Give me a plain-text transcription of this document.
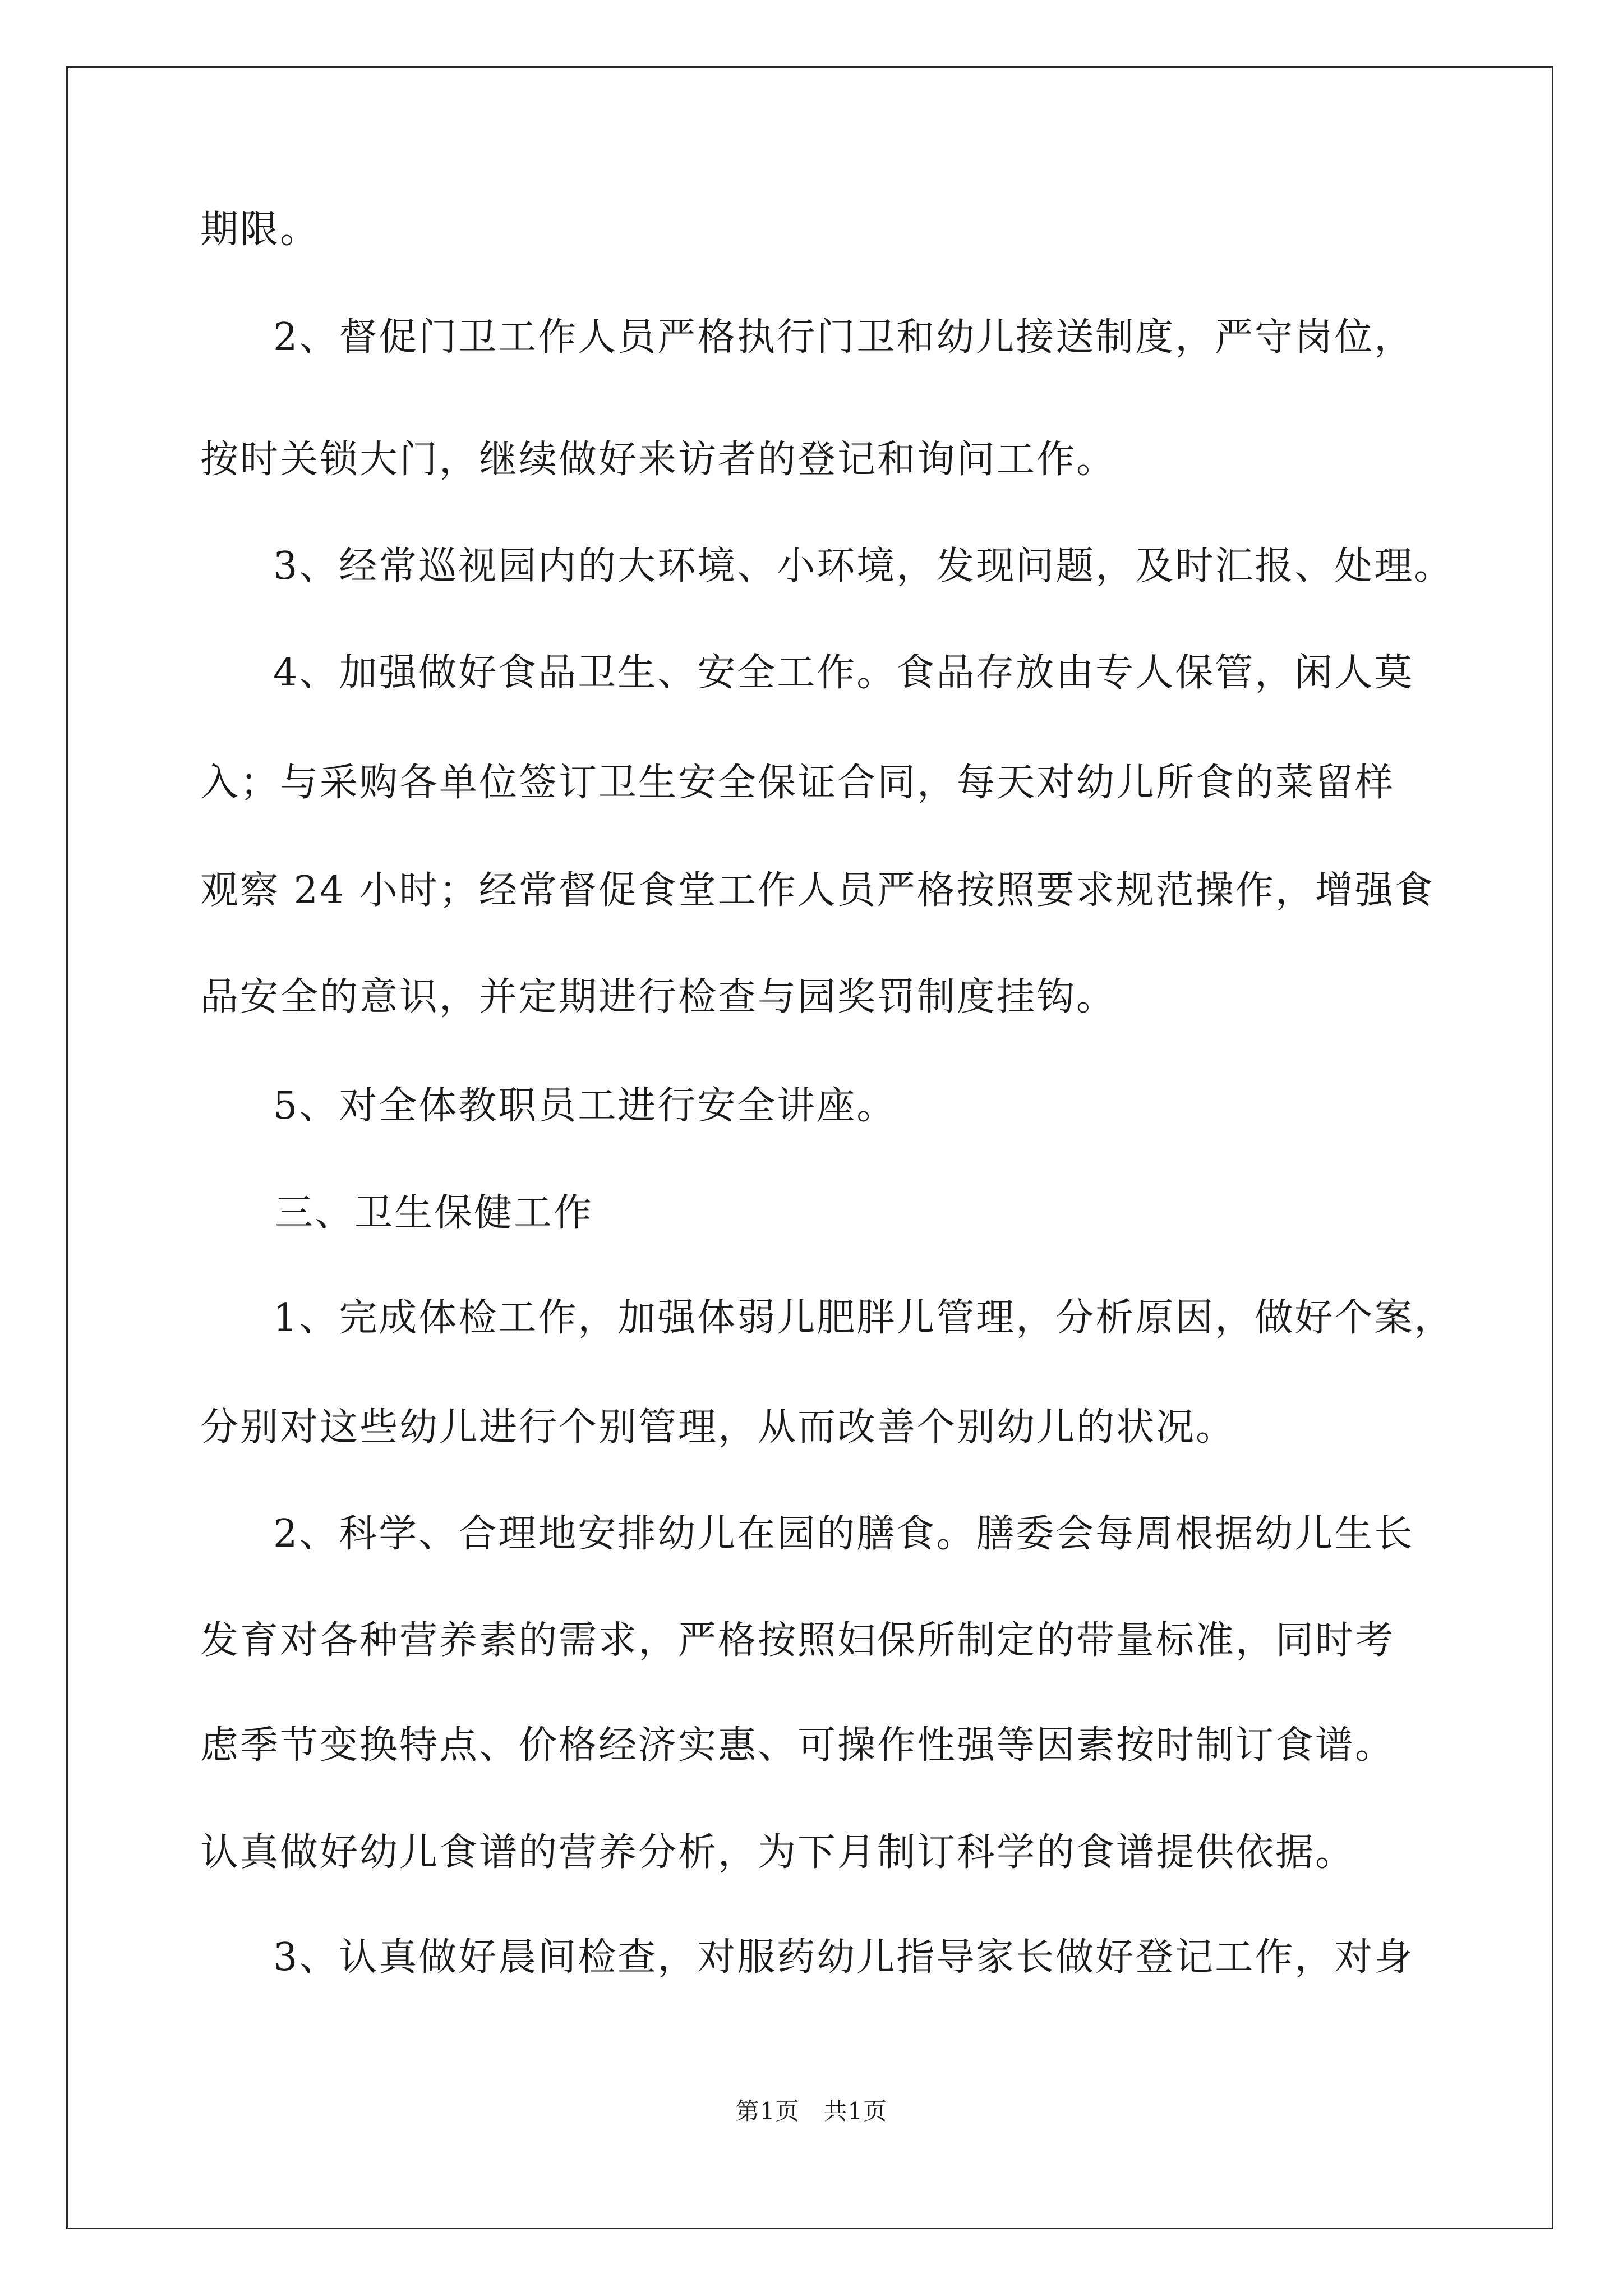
期限。
2、督促门卫工作人员严格执行门卫和幼儿接送制度，严守岗位，
按时关锁大门，继续做好来访者的登记和询问工作。
3、经常巡视园内的大环境、小环境，发现问题，及时汇报、处理。
4、加强做好食品卫生、安全工作。食品存放由专人保管，闲人莫
入；与采购各单位签订卫生安全保证合同，每天对幼儿所食的菜留样
观察 24 小时；经常督促食堂工作人员严格按照要求规范操作，增强食
品安全的意识，并定期进行检查与园奖罚制度挂钩。
5、对全体教职员工进行安全讲座。
三、卫生保健工作
1、完成体检工作，加强体弱儿肥胖儿管理，分析原因，做好个案，
分别对这些幼儿进行个别管理，从而改善个别幼儿的状况。
2、科学、合理地安排幼儿在园的膳食。膳委会每周根据幼儿生长
发育对各种营养素的需求，严格按照妇保所制定的带量标准，同时考
虑季节变换特点、价格经济实惠、可操作性强等因素按时制订食谱。
认真做好幼儿食谱的营养分析，为下月制订科学的食谱提供依据。
3、认真做好晨间检查，对服药幼儿指导家长做好登记工作，对身
第1页　共1页
